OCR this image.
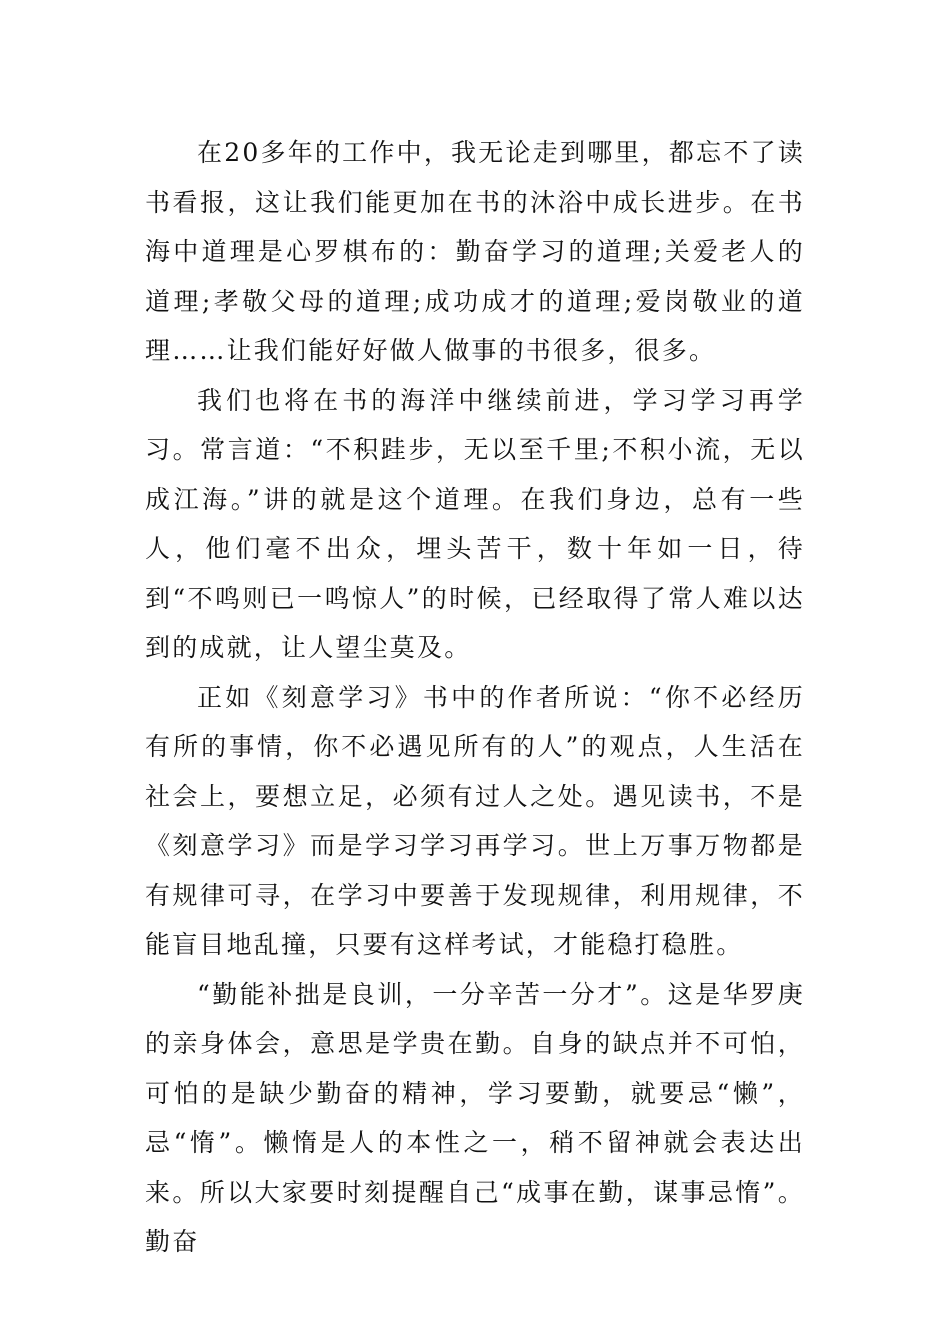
在20多年的工作中，我无论走到哪里，都忘不了读书看报，这让我们能更加在书的沐浴中成长进步。在书海中道理是心罗棋布的：勤奋学习的道理;关爱老人的道理;孝敬父母的道理;成功成才的道理;爱岗敬业的道理……让我们能好好做人做事的书很多，很多。

我们也将在书的海洋中继续前进，学习学习再学习。常言道：“不积跬步，无以至千里;不积小流，无以成江海。”讲的就是这个道理。在我们身边，总有一些人，他们毫不出众，埋头苦干，数十年如一日，待到“不鸣则已一鸣惊人”的时候，已经取得了常人难以达到的成就，让人望尘莫及。

正如《刻意学习》书中的作者所说：“你不必经历有所的事情，你不必遇见所有的人”的观点，人生活在社会上，要想立足，必须有过人之处。遇见读书，不是《刻意学习》而是学习学习再学习。世上万事万物都是有规律可寻，在学习中要善于发现规律，利用规律，不能盲目地乱撞，只要有这样考试，才能稳打稳胜。

“勤能补拙是良训，一分辛苦一分才”。这是华罗庚的亲身体会，意思是学贵在勤。自身的缺点并不可怕，可怕的是缺少勤奋的精神，学习要勤，就要忌“懒”，忌“惰”。懒惰是人的本性之一，稍不留神就会表达出来。所以大家要时刻提醒自己“成事在勤，谋事忌惰”。勤奋
